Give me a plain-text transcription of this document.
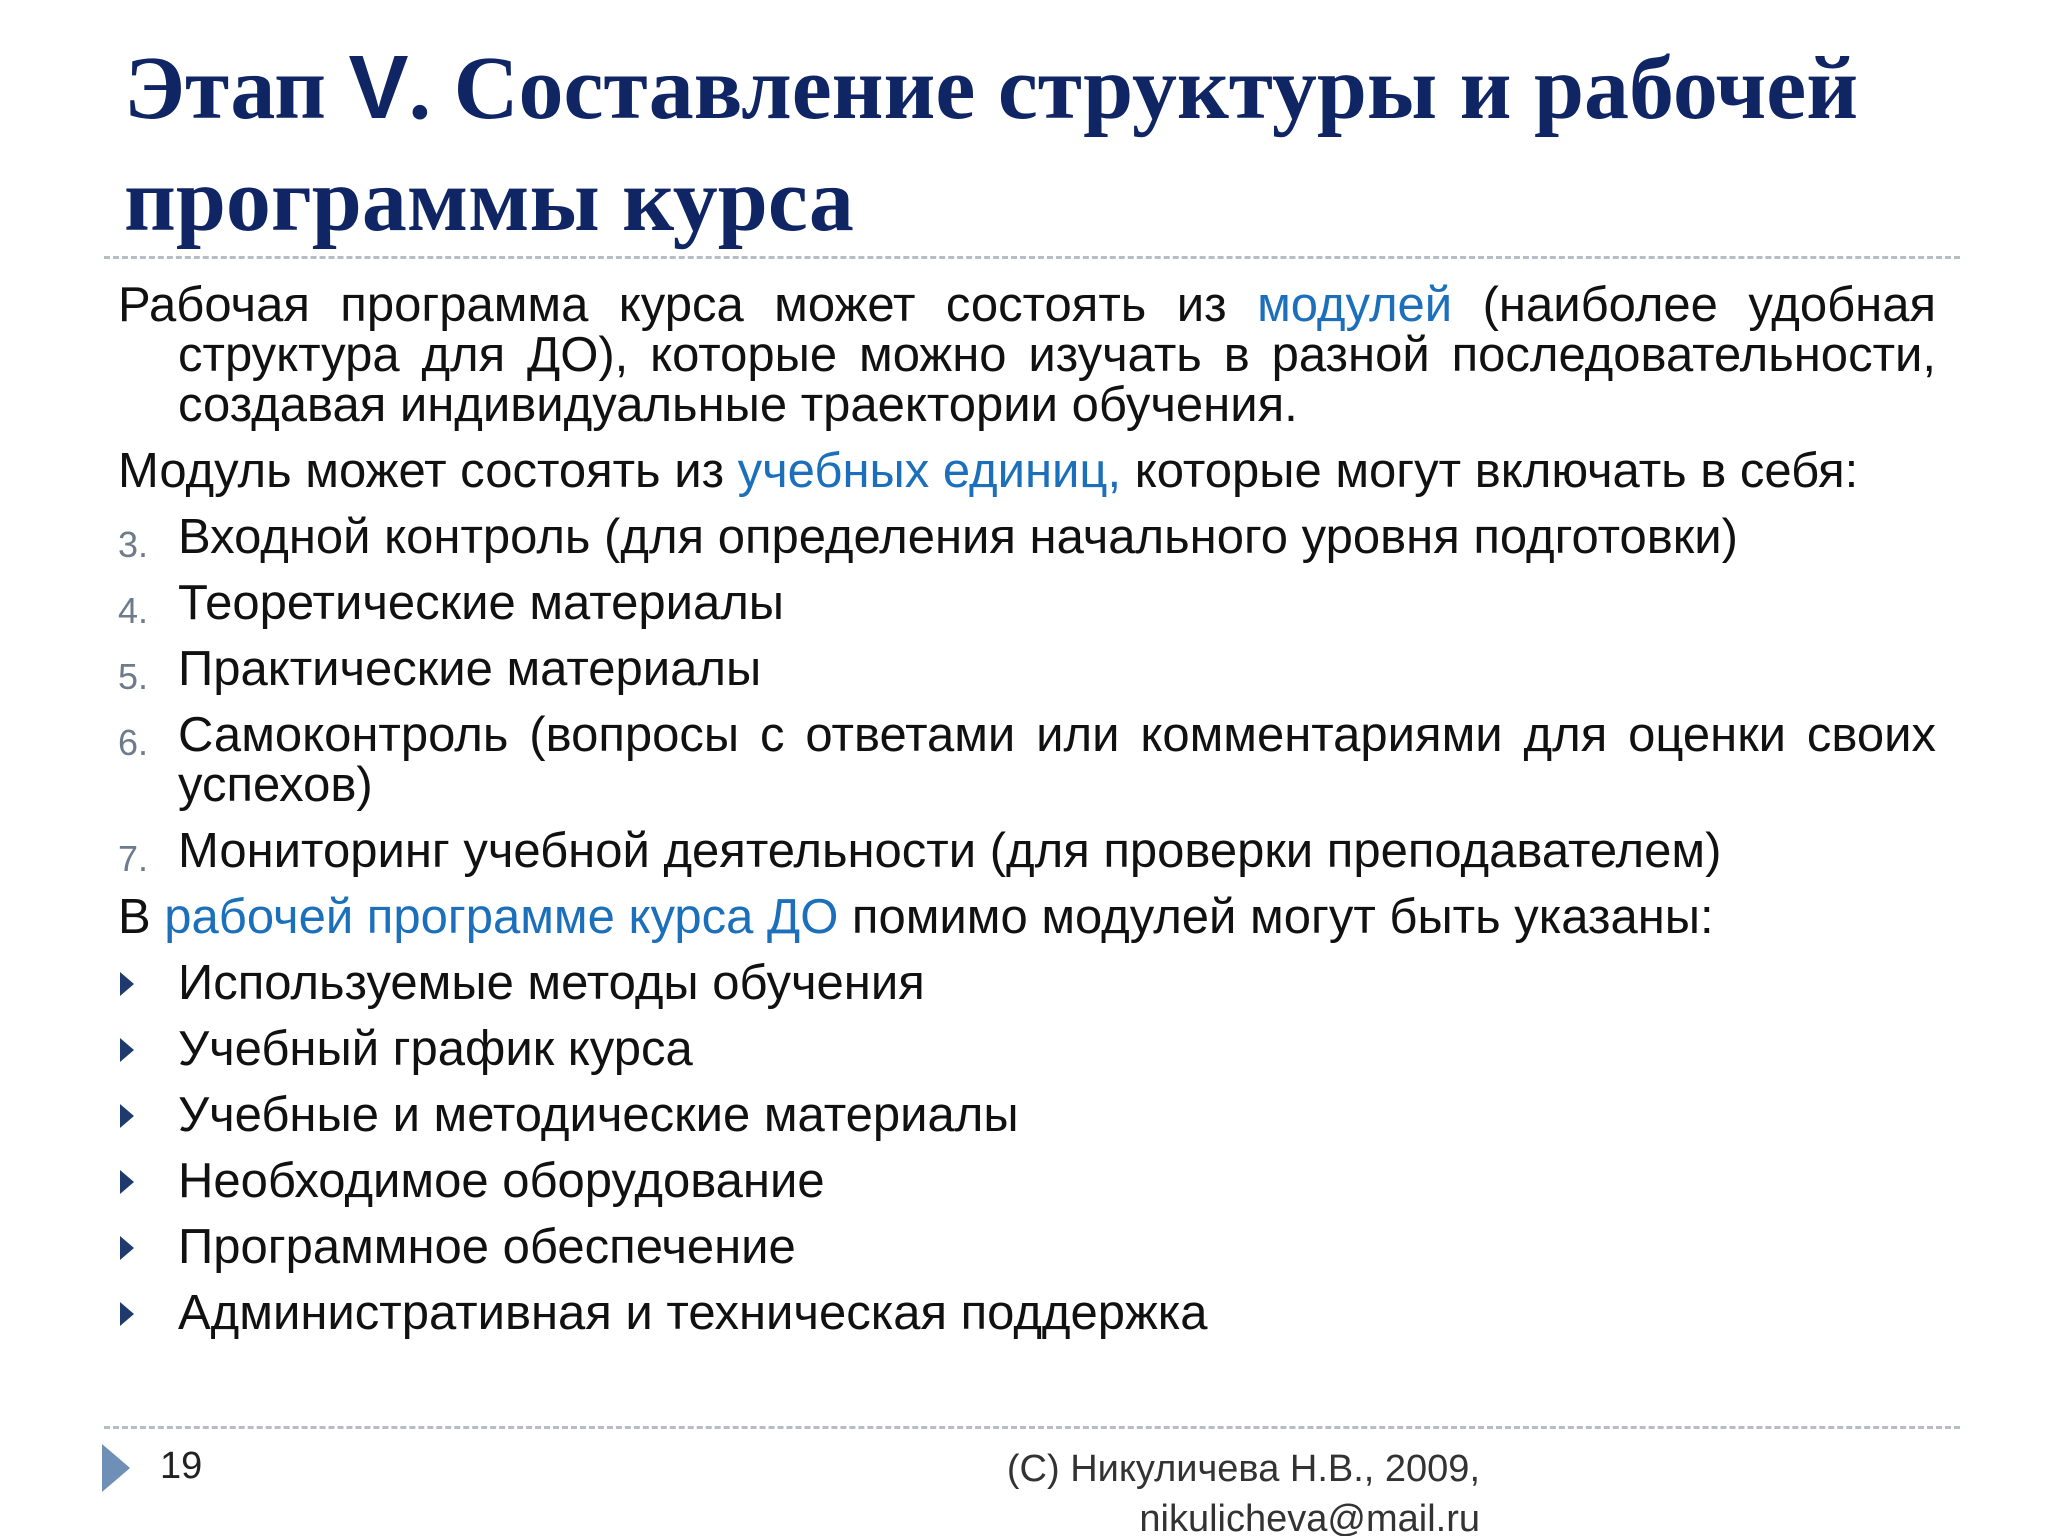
Этап V. Составление структуры и рабочей программы курса

Рабочая программа курса может состоять из модулей (наиболее удобная структура для ДО), которые можно изучать в разной последовательности, создавая индивидуальные траектории обучения.

Модуль может состоять из учебных единиц, которые могут включать в себя:

3. Входной контроль (для определения начального уровня подготовки)
4. Теоретические материалы
5. Практические материалы
6. Самоконтроль (вопросы с ответами или комментариями для оценки своих успехов)
7. Мониторинг учебной деятельности (для проверки преподавателем)

В рабочей программе курса ДО помимо модулей могут быть указаны:

Используемые методы обучения
Учебный график курса
Учебные и методические материалы
Необходимое оборудование
Программное обеспечение
Административная и техническая поддержка
19	(C) Никуличева Н.В., 2009,
nikulicheva@mail.ru
